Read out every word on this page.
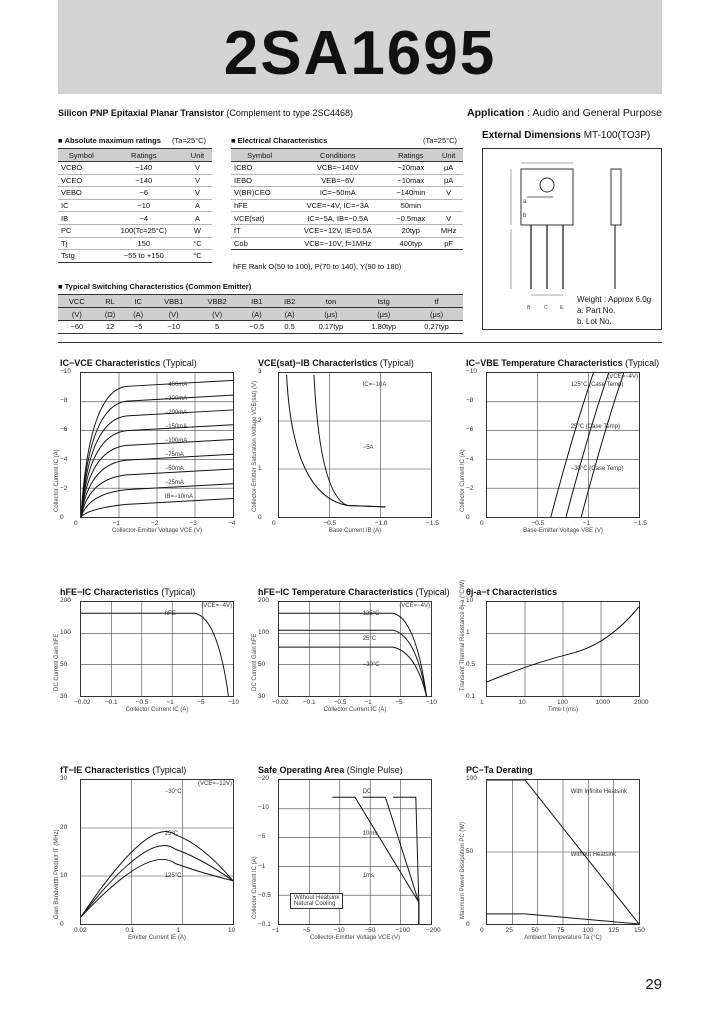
2SA1695
Silicon PNP Epitaxial Planar Transistor (Complement to type 2SC4468)	Application : Audio and General Purpose
■ Absolute maximum ratings (Ta=25°C)
Symbol	Ratings	Unit
VCBO	−140	V
VCEO	−140	V
VEBO	−6	V
IC	−10	A
IB	−4	A
PC	100(Tc=25°C)	W
Tj	150	°C
Tstg	−55 to +150	°C
■ Electrical Characteristics	(Ta=25°C)
Symbol	Conditions	Ratings	Unit
ICBO	VCB=−140V	−10max	μA
IEBO	VEB=−6V	−10max	μA
V(BR)CEO	IC=−50mA	−140min	V
hFE	VCE=−4V, IC=−3A	50min	
VCE(sat)	IC=−5A, IB=−0.5A	−0.5max	V
fT	VCE=−12V, IE=0.5A	20typ	MHz
Cob	VCB=−10V, f=1MHz	400typ	pF
hFE Rank O(50 to 100), P(70 to 140), Y(90 to 180)
■ Typical Switching Characteristics (Common Emitter)
VCC	RL	IC	VBB1	VBB2	IB1	IB2	ton	tstg	tf
(V)	(Ω)	(A)	(V)	(V)	(A)	(A)	(μs)	(μs)	(μs)
−60	12	−5	−10	5	−0.5	0.5	0.17typ	1.80typ	0.27typ
External Dimensions MT-100(TO3P)
a
b
B	C E
Weight : Approx 6.0g
a. Part No.
b. Lot No.
IC−VCE Characteristics (Typical)
−10
−8
−6
−4
−2
0
0	−1	−2	−3	−4
Collector-Emitter Voltage VCE (V)
Collector Current IC (A)
−400mA
−300mA
−200mA
−150mA
−100mA
−75mA
−50mA
−25mA
IB=−10mA
VCE(sat)−IB Characteristics (Typical)
3
2
1
0
0	−0.5	−1.0	−1.5
Base Current IB (A)
Collector-Emitter Saturation Voltage VCE(sat) (V)	IC=−10A
−5A
IC−VBE Temperature Characteristics (Typical)
−10
−8
−6
−4
−2
0
0	−0.5	−1	−1.5
Base-Emitter Voltage VBE (V)
Collector Current IC (A)
(VCE=−4V)
125°C (Case Temp)
25°C (Case Temp)
−30°C (Case Temp)
hFE−IC Characteristics (Typical)
200
100
50
30
−0.02 −0.1	−0.5	−1	−5	−10
Collector Current IC (A)
DC Current Gain hFE
(VCE=−4V)
hFE
hFE−IC Temperature Characteristics (Typical)
200
100
50
30
−0.02 −0.1	−0.5	−1	−5	−10
Collector Current IC (A)
DC Current Gain hFE
(VCE=−4V)
125°C
25°C
−30°C
θj-a−t Characteristics
10
1
0.5
0.1
1	10	100	1000	2000
Time t (ms)
Transient Thermal Resistance θj-a (°C/W)
fT−IE Characteristics (Typical)
30
20
10
0
0.02	0.1	1	10
Emitter Current IE (A)
Gain Bandwidth Product fT (MHz)
(VCE=−12V)
−30°C
25°C
125°C
Safe Operating Area (Single Pulse)
−20
−10
−5
−1
−0.5
−0.1
−1	−5	−10	−50	−100 −200
Collector-Emitter Voltage VCE (V)
Collector Current IC (A)
DC
10ms
1ms
Without Heatsink
Natural Cooling
PC−Ta Derating
100
50
0
0	25	50	75	100 125 150
Ambient Temperature Ta (°C)
Maximum Power Dissipation PC (W)
With Infinite Heatsink
Without Heatsink
29
